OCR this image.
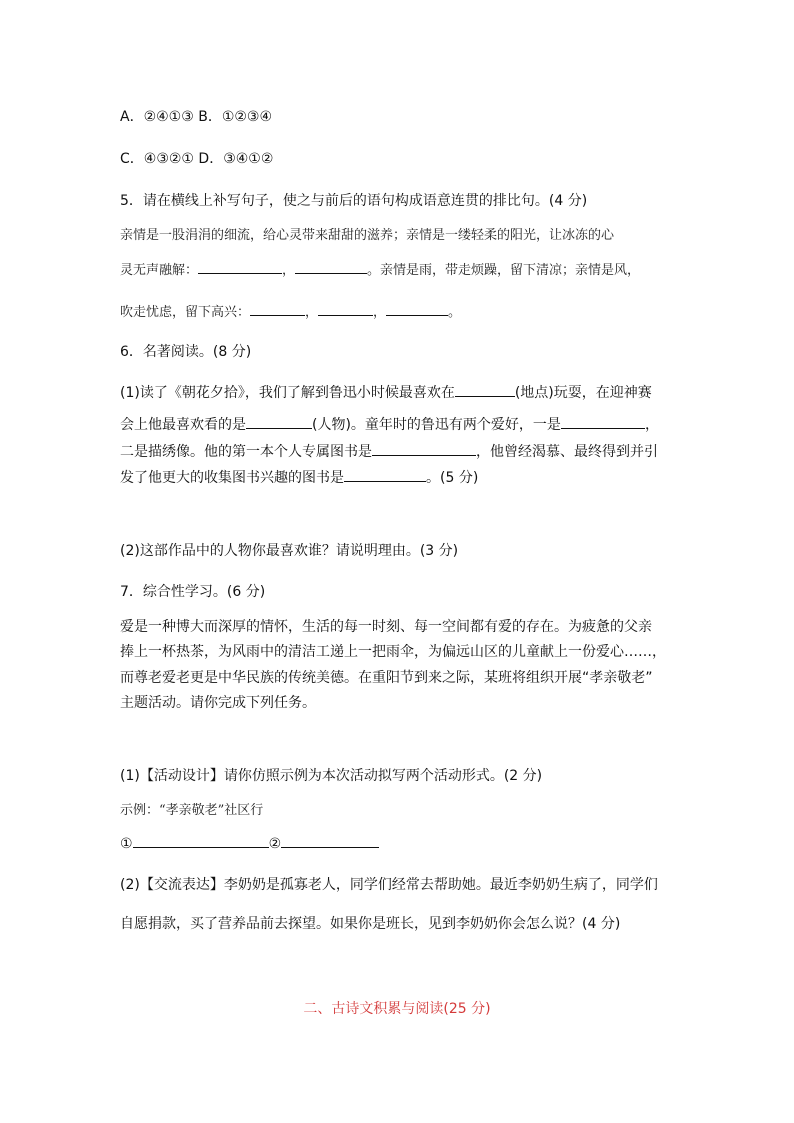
A．②④①③ B．①②③④
C．④③②① D．③④①②
5．请在横线上补写句子，使之与前后的语句构成语意连贯的排比句。(4 分)
亲情是一股涓涓的细流，给心灵带来甜甜的滋养；亲情是一缕轻柔的阳光，让冰冻的心
灵无声融解：	，	。亲情是雨，带走烦躁，留下清凉；亲情是风，
吹走忧虑，留下高兴：	，	，	。
6．名著阅读。(8 分)
(1)读了《朝花夕拾》，我们了解到鲁迅小时候最喜欢在	(地点)玩耍，在迎神赛
会上他最喜欢看的是	(人物)。童年时的鲁迅有两个爱好，一是	，
二是描绣像。他的第一本个人专属图书是	，他曾经渴慕、最终得到并引
发了他更大的收集图书兴趣的图书是	。(5 分)
(2)这部作品中的人物你最喜欢谁？请说明理由。(3 分)
7．综合性学习。(6 分)
爱是一种博大而深厚的情怀，生活的每一时刻、每一空间都有爱的存在。为疲惫的父亲
捧上一杯热茶，为风雨中的清洁工递上一把雨伞，为偏远山区的儿童献上一份爱心……，
而尊老爱老更是中华民族的传统美德。在重阳节到来之际，某班将组织开展“孝亲敬老”
主题活动。请你完成下列任务。
(1)【活动设计】请你仿照示例为本次活动拟写两个活动形式。(2 分)
示例：“孝亲敬老”社区行
①	②
(2)【交流表达】李奶奶是孤寡老人，同学们经常去帮助她。最近李奶奶生病了，同学们
自愿捐款，买了营养品前去探望。如果你是班长，见到李奶奶你会怎么说？(4 分)
二、古诗文积累与阅读(25 分)
